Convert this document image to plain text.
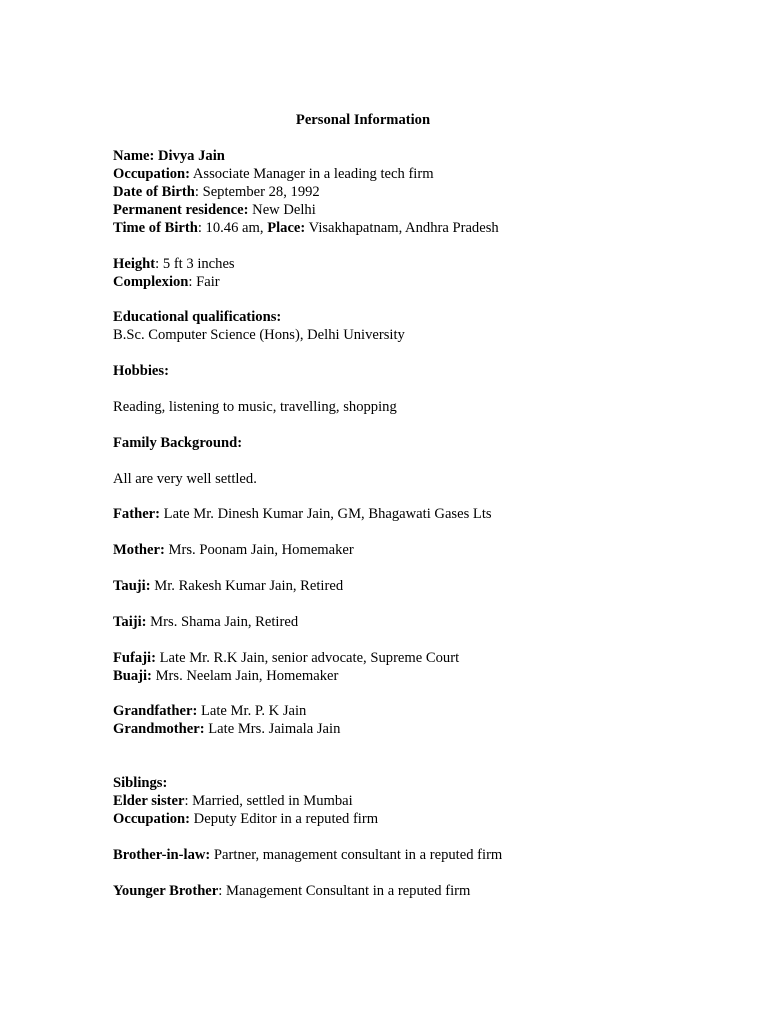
Personal Information
Name: Divya Jain
Occupation: Associate Manager in a leading tech firm
Date of Birth: September 28, 1992
Permanent residence: New Delhi
Time of Birth: 10.46 am, Place: Visakhapatnam, Andhra Pradesh
Height: 5 ft 3 inches
Complexion: Fair
Educational qualifications:
B.Sc. Computer Science (Hons), Delhi University
Hobbies:
Reading, listening to music, travelling, shopping
Family Background:
All are very well settled.
Father: Late Mr. Dinesh Kumar Jain, GM, Bhagawati Gases Lts
Mother: Mrs. Poonam Jain, Homemaker
Tauji: Mr. Rakesh Kumar Jain, Retired
Taiji: Mrs. Shama Jain, Retired
Fufaji: Late Mr. R.K Jain, senior advocate, Supreme Court
Buaji: Mrs. Neelam Jain, Homemaker
Grandfather: Late Mr. P. K Jain
Grandmother: Late Mrs. Jaimala Jain
Siblings:
Elder sister: Married, settled in Mumbai
Occupation: Deputy Editor in a reputed firm
Brother-in-law: Partner, management consultant in a reputed firm
Younger Brother: Management Consultant in a reputed firm
